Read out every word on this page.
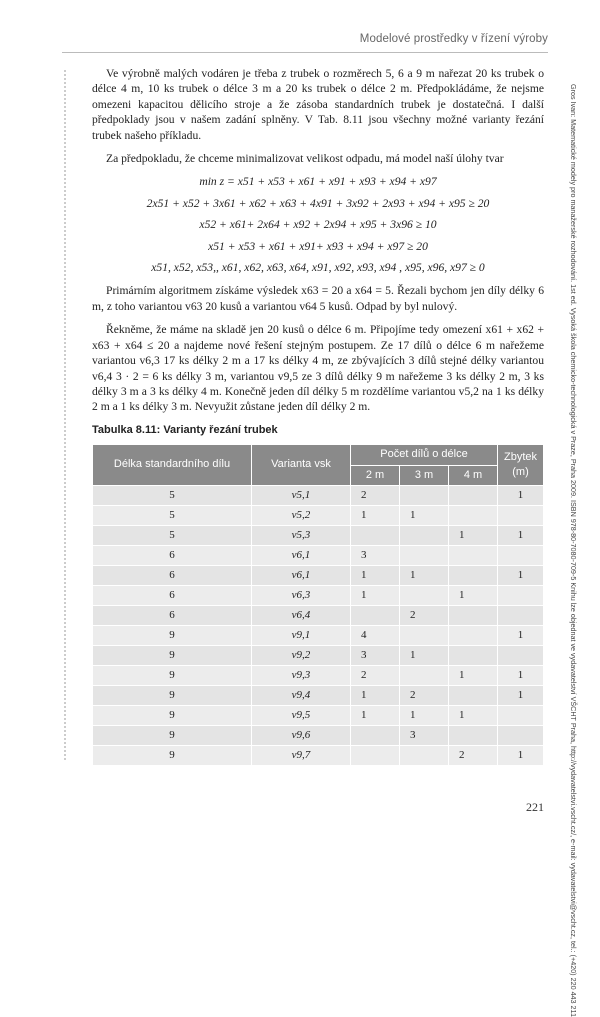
Modelové prostředky v řízení výroby
Gros Ivan: Matematické modely pro manažerské rozhodování. 1st ed. Vysoká škola chemicko-technologická v Praze, Praha 2009. ISBN 978-80-7080-709-5 Knihu lze objednat ve vydavatelství VŠCHT Praha, http://vydavatelstvi.vscht.cz/, e-mail: vydavatelstvi@vscht.cz, tel.: (+420) 220 443 211

Ve výrobně malých vodáren je třeba z trubek o rozměrech 5, 6 a 9 m nařezat 20 ks trubek o délce 4 m, 10 ks trubek o délce 3 m a 20 ks trubek o délce 2 m. Předpokládáme, že nejsme omezeni kapacitou dělicího stroje a že zásoba standardních trubek je dostatečná. I další předpoklady jsou v našem zadání splněny. V Tab. 8.11 jsou všechny možné varianty řezání trubek našeho příkladu.

Za předpokladu, že chceme minimalizovat velikost odpadu, má model naší úlohy tvar

min z = x51 + x53 + x61 + x91 + x93 + x94 + x97
2x51 + x52 + 3x61 + x62 + x63 + 4x91 + 3x92 + 2x93 + x94 + x95 ≥ 20
x52 + x61+ 2x64 + x92 + 2x94 + x95 + 3x96 ≥ 10
x51 + x53 + x61 + x91+ x93 + x94 + x97 ≥ 20
x51, x52, x53,, x61, x62, x63, x64, x91, x92, x93, x94 , x95, x96, x97 ≥ 0

Primárním algoritmem získáme výsledek x63 = 20 a x64 = 5. Řezali bychom jen díly délky 6 m, z toho variantou v63 20 kusů a variantou v64 5 kusů. Odpad by byl nulový.

Řekněme, že máme na skladě jen 20 kusů o délce 6 m. Připojíme tedy omezení x61 + x62 + x63 + x64 ≤ 20 a najdeme nové řešení stejným postupem. Ze 17 dílů o délce 6 m nařežeme variantou v6,3 17 ks délky 2 m a 17 ks délky 4 m, ze zbývajících 3 dílů stejné délky variantou v6,4 3 · 2 = 6 ks délky 3 m, variantou v9,5 ze 3 dílů délky 9 m nařežeme 3 ks délky 2 m, 3 ks délky 3 m a 3 ks délky 4 m. Konečně jeden díl délky 5 m rozdělíme variantou v5,2 na 1 ks délky 2 m a 1 ks délky 3 m. Nevyužit zůstane jeden díl délky 2 m.

Tabulka 8.11: Varianty řezání trubek
Délka standardního dílu	Varianta vsk	Počet dílů o délce			Zbytek (m)
		2 m	3 m	4 m	
5	v5,1	2			1
5	v5,2	1	1		
5	v5,3			1	1
6	v6,1	3			
6	v6,1	1	1		1
6	v6,3	1		1	
6	v6,4		2		
9	v9,1	4			1
9	v9,2	3	1		
9	v9,3	2		1	1
9	v9,4	1	2		1
9	v9,5	1	1	1	
9	v9,6		3		
9	v9,7			2	1
221
